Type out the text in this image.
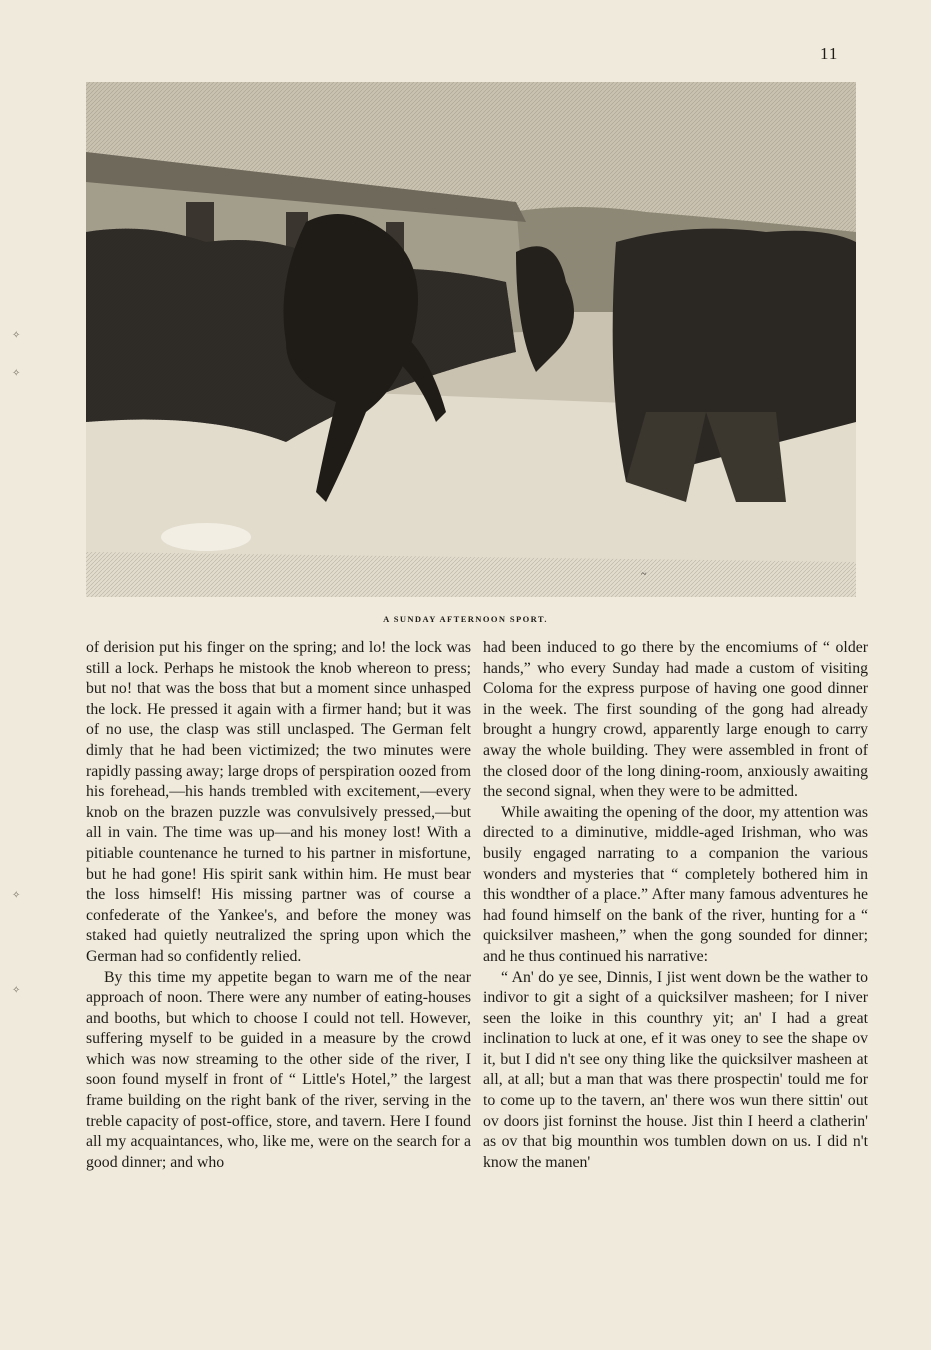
11
~
A SUNDAY AFTERNOON SPORT.

of derision put his finger on the spring; and lo! the lock was still a lock. Perhaps he mistook the knob whereon to press; but no! that was the boss that but a moment since unhasped the lock. He pressed it again with a firmer hand; but it was of no use, the clasp was still unclasped. The German felt dimly that he had been victimized; the two minutes were rapidly passing away; large drops of perspiration oozed from his forehead,—his hands trembled with excitement,—every knob on the brazen puzzle was convulsively pressed,—but all in vain. The time was up—and his money lost! With a pitiable countenance he turned to his partner in misfortune, but he had gone! His spirit sank within him. He must bear the loss himself! His missing partner was of course a confederate of the Yankee's, and before the money was staked had quietly neutralized the spring upon which the German had so confidently relied.

By this time my appetite began to warn me of the near approach of noon. There were any number of eating-houses and booths, but which to choose I could not tell. However, suffering myself to be guided in a measure by the crowd which was now streaming to the other side of the river, I soon found myself in front of “ Little's Hotel,” the largest frame building on the right bank of the river, serving in the treble capacity of post-office, store, and tavern. Here I found all my acquaintances, who, like me, were on the search for a good dinner; and who

had been induced to go there by the encomiums of “ older hands,” who every Sunday had made a custom of visiting Coloma for the express purpose of having one good dinner in the week. The first sounding of the gong had already brought a hungry crowd, apparently large enough to carry away the whole building. They were assembled in front of the closed door of the long dining-room, anxiously awaiting the second signal, when they were to be admitted.

While awaiting the opening of the door, my attention was directed to a diminutive, middle-aged Irishman, who was busily engaged narrating to a companion the various wonders and mysteries that “ completely bothered him in this wondther of a place.” After many famous adventures he had found himself on the bank of the river, hunting for a “ quicksilver masheen,” when the gong sounded for dinner; and he thus continued his narrative:

“ An' do ye see, Dinnis, I jist went down be the wather to indivor to git a sight of a quicksilver masheen; for I niver seen the loike in this counthry yit; an' I had a great inclination to luck at one, ef it was oney to see the shape ov it, but I did n't see ony thing like the quicksilver masheen at all, at all; but a man that was there prospectin' tould me for to come up to the tavern, an' there wos wun there sittin' out ov doors jist forninst the house. Jist thin I heerd a clatherin' as ov that big mounthin wos tumblen down on us. I did n't know the manen'

✧
✧
✧
✧
